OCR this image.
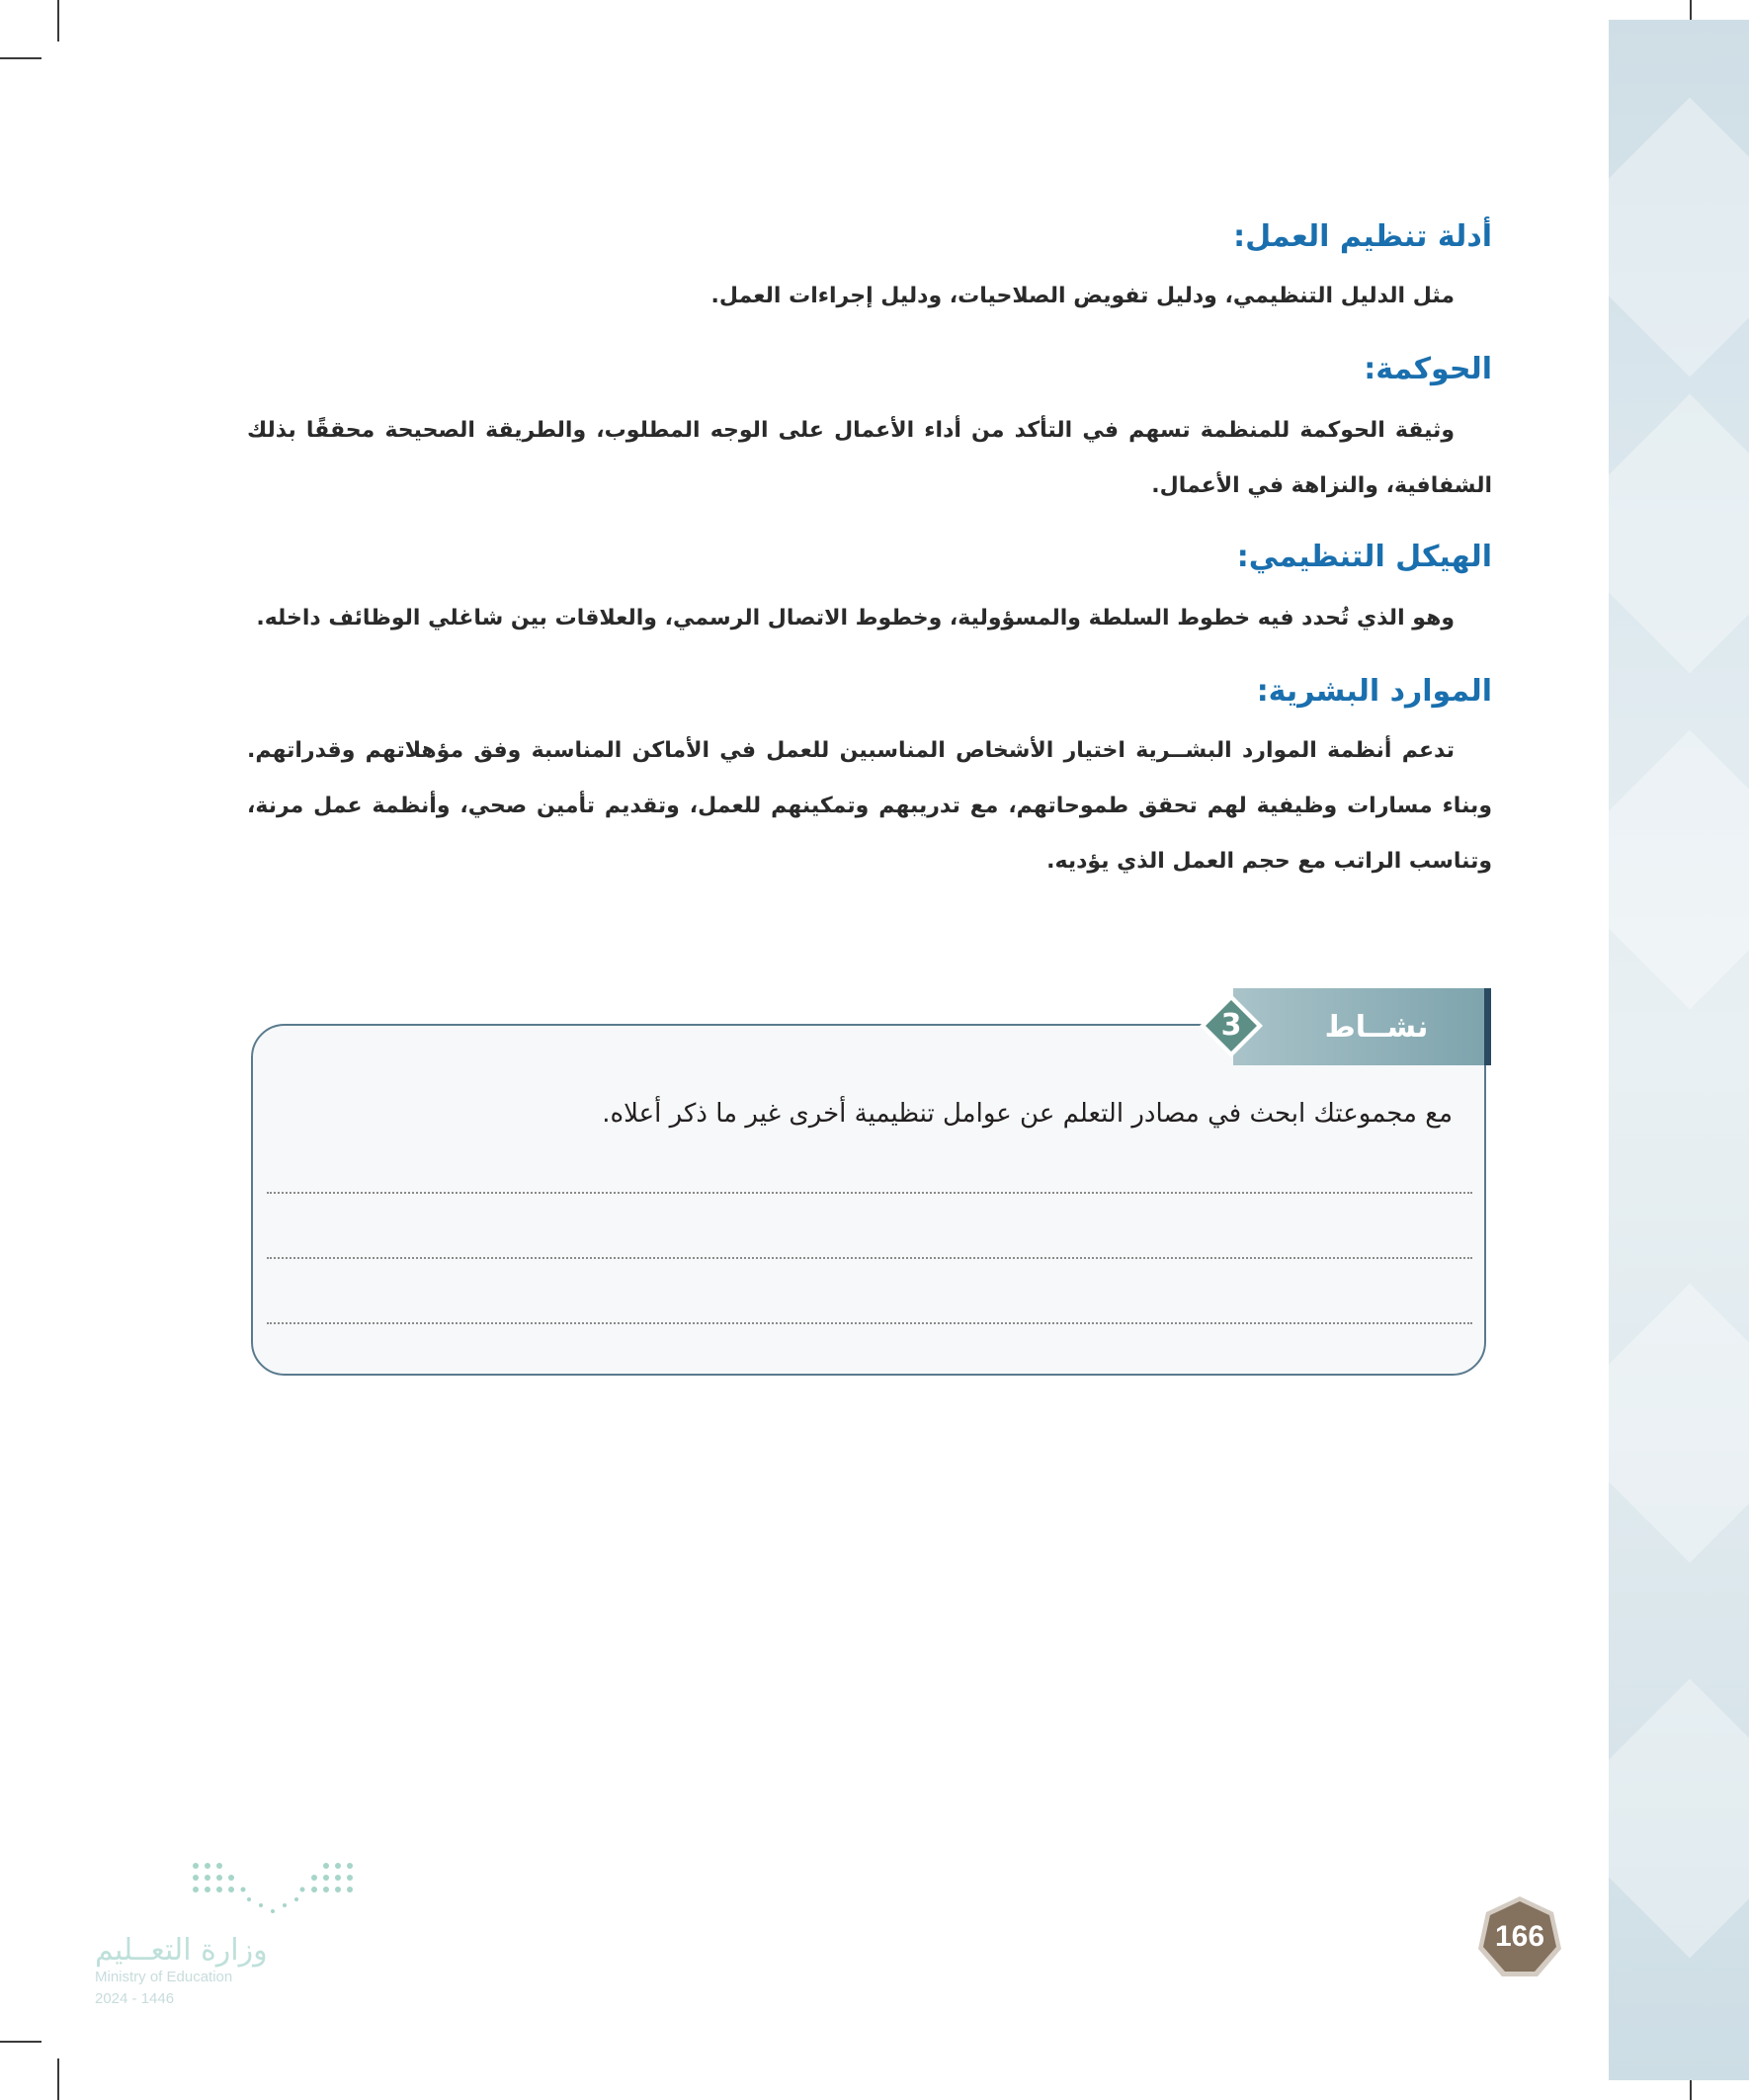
أدلة تنظيم العمل:

مثل الدليل التنظيمي، ودليل تفويض الصلاحيات، ودليل إجراءات العمل.

الحوكمة:

وثيقة الحوكمة للمنظمة تسهم في التأكد من أداء الأعمال على الوجه المطلوب، والطريقة الصحيحة محققًا بذلك الشفافية، والنزاهة في الأعمال.

الهيكل التنظيمي:

وهو الذي تُحدد فيه خطوط السلطة والمسؤولية، وخطوط الاتصال الرسمي، والعلاقات بين شاغلي الوظائف داخله.

الموارد البشرية:

تدعم أنظمة الموارد البشــرية اختيار الأشخاص المناسبين للعمل في الأماكن المناسبة وفق مؤهلاتهم وقدراتهم. وبناء مسارات وظيفية لهم تحقق طموحاتهم، مع تدريبهم وتمكينهم للعمل، وتقديم تأمين صحي، وأنظمة عمل مرنة، وتناسب الراتب مع حجم العمل الذي يؤديه.

نشــاط
3

مع مجموعتك ابحث في مصادر التعلم عن عوامل تنظيمية أخرى غير ما ذكر أعلاه.

166
وزارة التعــليم
Ministry of Education
2024 - 1446
